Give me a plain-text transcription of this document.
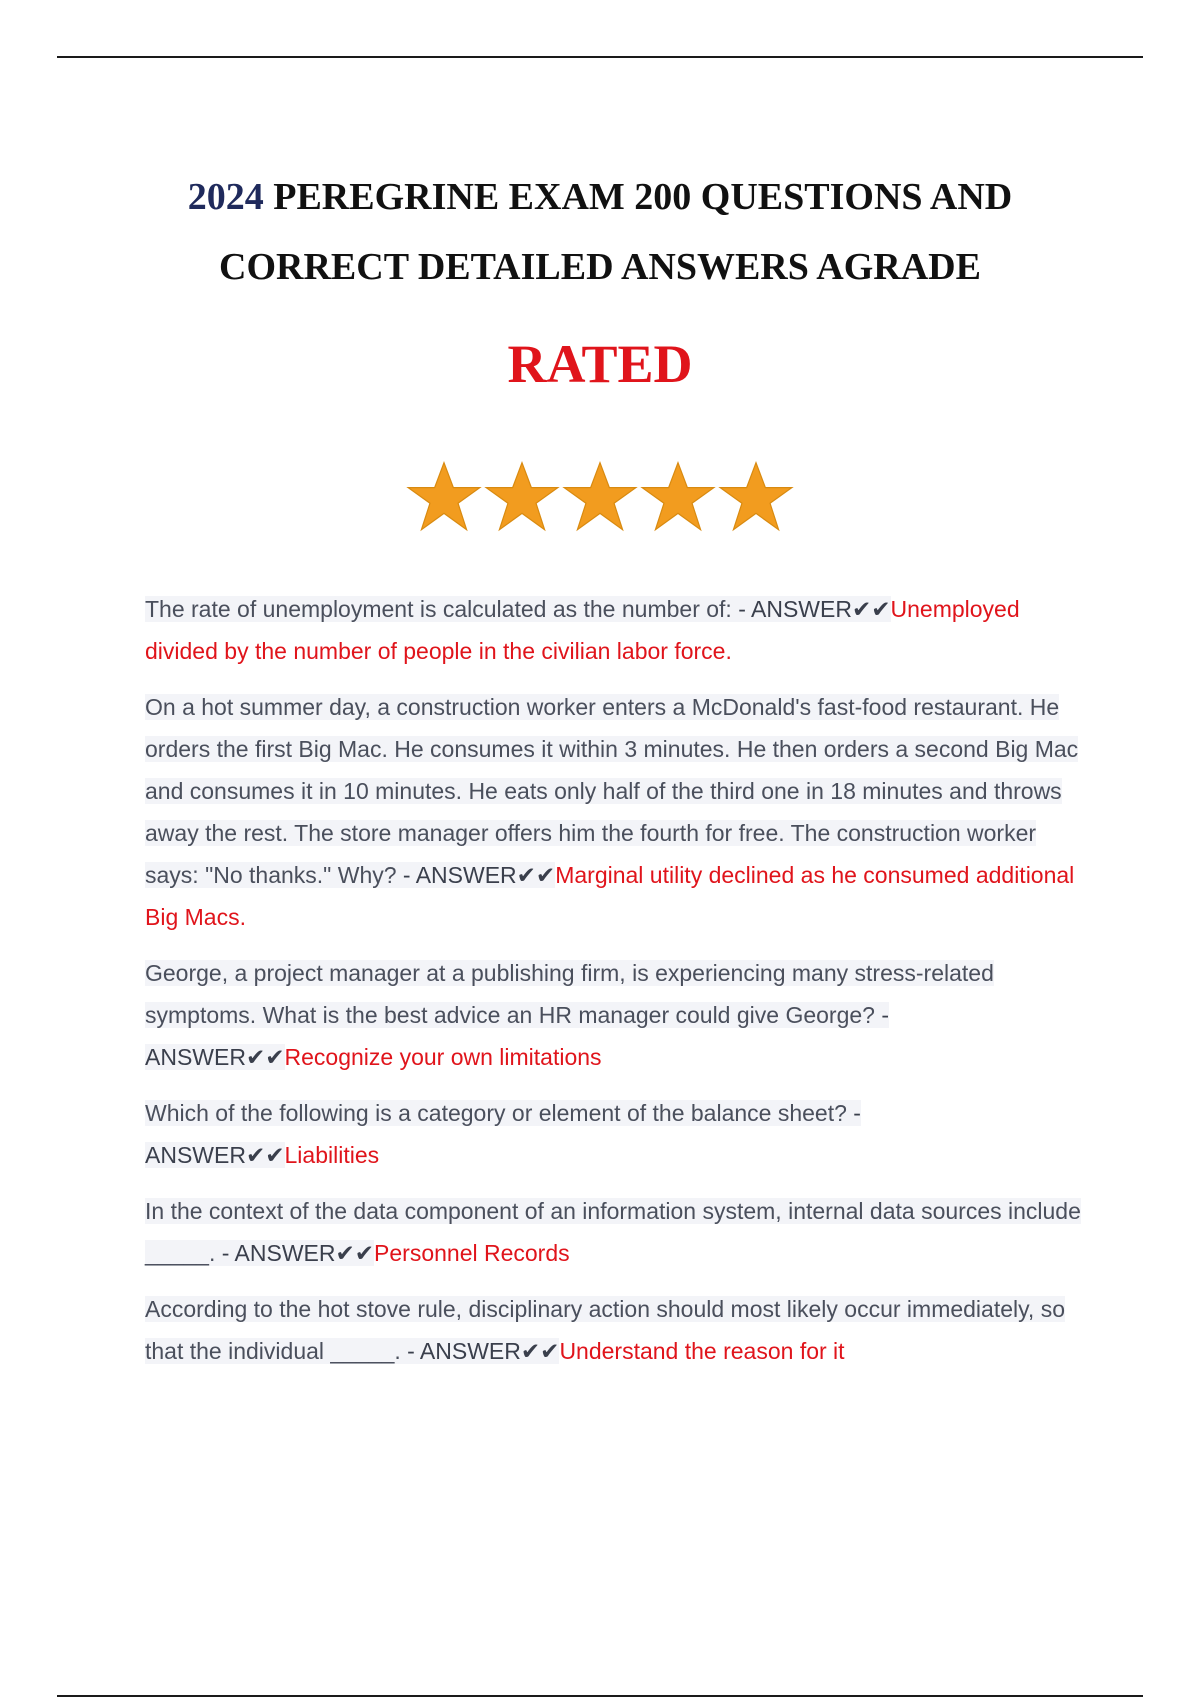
2024 PEREGRINE EXAM 200 QUESTIONS AND CORRECT DETAILED ANSWERS AGRADE
RATED

The rate of unemployment is calculated as the number of: - ANSWER✔✔Unemployed divided by the number of people in the civilian labor force.

On a hot summer day, a construction worker enters a McDonald's fast-food restaurant. He orders the first Big Mac. He consumes it within 3 minutes. He then orders a second Big Mac and consumes it in 10 minutes. He eats only half of the third one in 18 minutes and throws away the rest. The store manager offers him the fourth for free. The construction worker says: "No thanks." Why? - ANSWER✔✔Marginal utility declined as he consumed additional Big Macs.

George, a project manager at a publishing firm, is experiencing many stress-related symptoms. What is the best advice an HR manager could give George? - ANSWER✔✔Recognize your own limitations

Which of the following is a category or element of the balance sheet? - ANSWER✔✔Liabilities

In the context of the data component of an information system, internal data sources include _____. - ANSWER✔✔Personnel Records

According to the hot stove rule, disciplinary action should most likely occur immediately, so that the individual _____. - ANSWER✔✔Understand the reason for it
